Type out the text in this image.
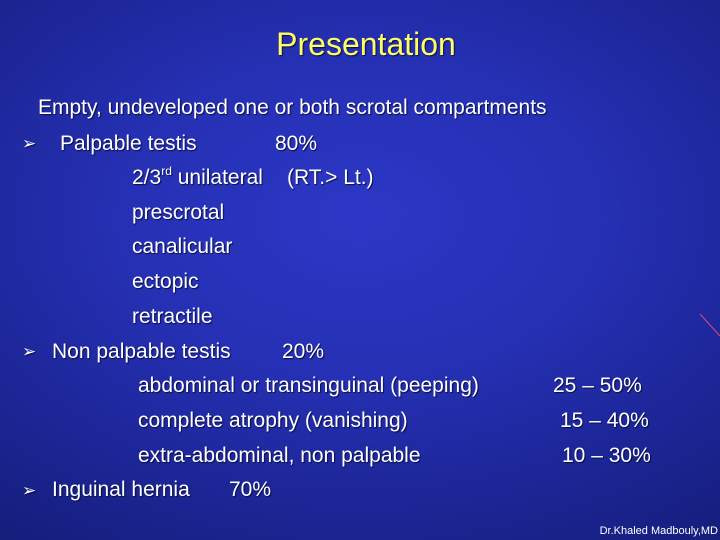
Presentation
Empty, undeveloped one or both scrotal compartments
➢ Palpable testis	80%
2/3rd unilateral (RT.> Lt.)
prescrotal
canalicular
ectopic
retractile
➢ Non palpable testis 20%
abdominal or transinguinal (peeping)	25 – 50%
complete atrophy (vanishing)	15 – 40%
extra-abdominal, non palpable	10 – 30%
➢ Inguinal hernia 70%
Dr.Khaled Madbouly,MD
